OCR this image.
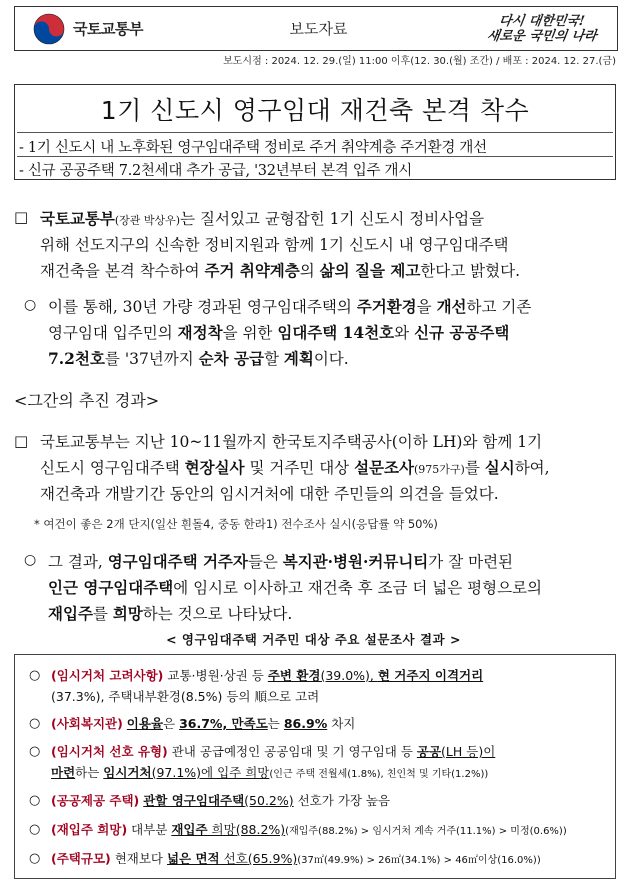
국토교통부	보도자료	다시 대한민국!
새로운 국민의 나라
보도시점 : 2024. 12. 29.(일) 11:00 이후(12. 30.(월) 조간) / 배포 : 2024. 12. 27.(금)
1기 신도시 영구임대 재건축 본격 착수
- 1기 신도시 내 노후화된 영구임대주택 정비로 주거 취약계층 주거환경 개선
- 신규 공공주택 7.2천세대 추가 공급, '32년부터 본격 입주 개시
□ 국토교통부(장관 박상우)는 질서있고 균형잡힌 1기 신도시 정비사업을
위해 선도지구의 신속한 정비지원과 함께 1기 신도시 내 영구임대주택
재건축을 본격 착수하여 주거 취약계층의 삶의 질을 제고한다고 밝혔다.
○ 이를 통해, 30년 가량 경과된 영구임대주택의 주거환경을 개선하고 기존
영구임대 입주민의 재정착을 위한 임대주택 14천호와 신규 공공주택
7.2천호를 '37년까지 순차 공급할 계획이다.
<그간의 추진 경과>
□ 국토교통부는 지난 10~11월까지 한국토지주택공사(이하 LH)와 함께 1기
신도시 영구임대주택 현장실사 및 거주민 대상 설문조사(975가구)를 실시하여,
재건축과 개발기간 동안의 임시거처에 대한 주민들의 의견을 들었다.
* 여건이 좋은 2개 단지(일산 흰돌4, 중동 한라1) 전수조사 실시(응답률 약 50%)
○ 그 결과, 영구임대주택 거주자들은 복지관·병원·커뮤니티가 잘 마련된
인근 영구임대주택에 임시로 이사하고 재건축 후 조금 더 넓은 평형으로의
재입주를 희망하는 것으로 나타났다.
< 영구임대주택 거주민 대상 주요 설문조사 결과 >
○ (임시거처 고려사항) 교통·병원·상권 등 주변 환경(39.0%), 현 거주지 이격거리
(37.3%), 주택내부환경(8.5%) 등의 順으로 고려
○ (사회복지관) 이용율은 36.7%, 만족도는 86.9% 차지
○ (임시거처 선호 유형) 관내 공급예정인 공공임대 및 기 영구임대 등 공공(LH 등)이
마련하는 임시거처(97.1%)에 입주 희망(인근 주택 전월세(1.8%), 친인척 및 기타(1.2%))
○ (공공제공 주택) 관할 영구임대주택(50.2%) 선호가 가장 높음
○ (재입주 희망) 대부분 재입주 희망(88.2%)(재입주(88.2%) > 임시거처 계속 거주(11.1%) > 미정(0.6%))
○ (주택규모) 현재보다 넓은 면적 선호(65.9%)(37㎡(49.9%) > 26㎡(34.1%) > 46㎡이상(16.0%))
